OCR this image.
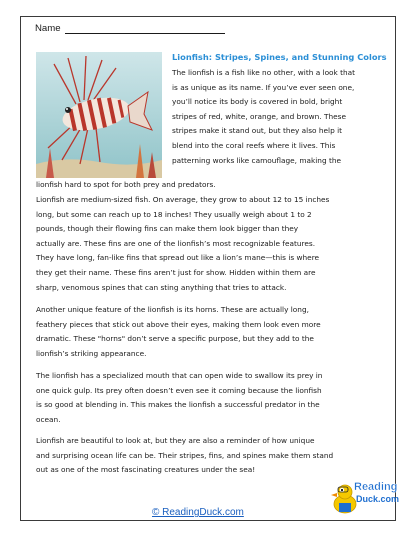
Name
Lionfish: Stripes, Spines, and Stunning Colors

The lionfish is a fish like no other, with a look that

is as unique as its name. If you’ve ever seen one,

you’ll notice its body is covered in bold, bright

stripes of red, white, orange, and brown. These

stripes make it stand out, but they also help it

blend into the coral reefs where it lives. This

patterning works like camouflage, making the

lionfish hard to spot for both prey and predators.

Lionfish are medium-sized fish. On average, they grow to about 12 to 15 inches

long, but some can reach up to 18 inches! They usually weigh about 1 to 2

pounds, though their flowing fins can make them look bigger than they

actually are. These fins are one of the lionfish’s most recognizable features.

They have long, fan-like fins that spread out like a lion’s mane—this is where

they get their name. These fins aren’t just for show. Hidden within them are

sharp, venomous spines that can sting anything that tries to attack.

Another unique feature of the lionfish is its horns. These are actually long,

feathery pieces that stick out above their eyes, making them look even more

dramatic. These "horns" don’t serve a specific purpose, but they add to the

lionfish’s striking appearance.

The lionfish has a specialized mouth that can open wide to swallow its prey in

one quick gulp. Its prey often doesn’t even see it coming because the lionfish

is so good at blending in. This makes the lionfish a successful predator in the

ocean.

Lionfish are beautiful to look at, but they are also a reminder of how unique

and surprising ocean life can be. Their stripes, fins, and spines make them stand

out as one of the most fascinating creatures under the sea!

© ReadingDuck.com
Reading
Duck.com
